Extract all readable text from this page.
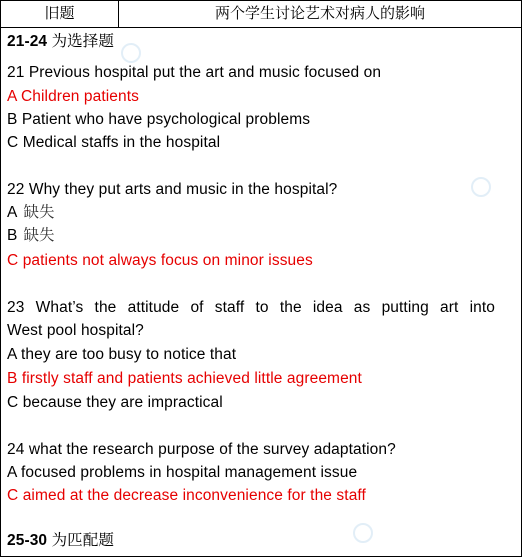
旧题	两个学生讨论艺术对病人的影响
21-24 为选择题
21 Previous hospital put the art and music focused on
A Children patients
B Patient who have psychological problems
C Medical staffs in the hospital
22 Why they put arts and music in the hospital?
A 缺失
B 缺失
C patients not always focus on minor issues
23 What’s the attitude of staff to the idea as putting art into
West pool hospital?
A they are too busy to notice that
B firstly staff and patients achieved little agreement
C because they are impractical
24 what the research purpose of the survey adaptation?
A focused problems in hospital management issue
C aimed at the decrease inconvenience for the staff
25-30 为匹配题
